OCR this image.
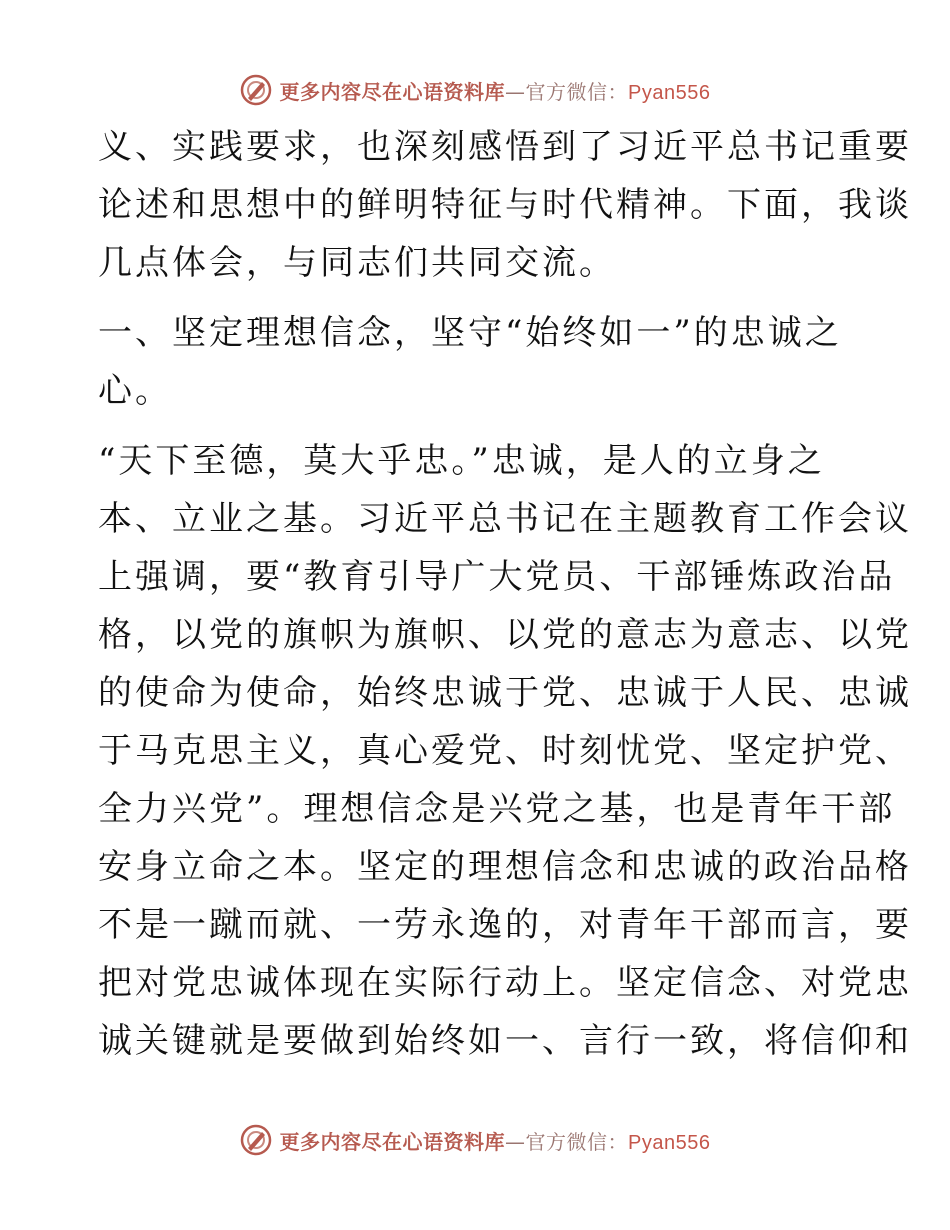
更多内容尽在心语资料库—官方微信：Pyan556

义、实践要求，也深刻感悟到了习近平总书记重要
论述和思想中的鲜明特征与时代精神。下面，我谈
几点体会，与同志们共同交流。

一、坚定理想信念，坚守“始终如一”的忠诚之
心。

“天下至德，莫大乎忠。”忠诚，是人的立身之
本、立业之基。习近平总书记在主题教育工作会议
上强调，要“教育引导广大党员、干部锤炼政治品
格，以党的旗帜为旗帜、以党的意志为意志、以党
的使命为使命，始终忠诚于党、忠诚于人民、忠诚
于马克思主义，真心爱党、时刻忧党、坚定护党、
全力兴党”。理想信念是兴党之基，也是青年干部
安身立命之本。坚定的理想信念和忠诚的政治品格
不是一蹴而就、一劳永逸的，对青年干部而言，要
把对党忠诚体现在实际行动上。坚定信念、对党忠
诚关键就是要做到始终如一、言行一致，将信仰和

更多内容尽在心语资料库—官方微信：Pyan556
